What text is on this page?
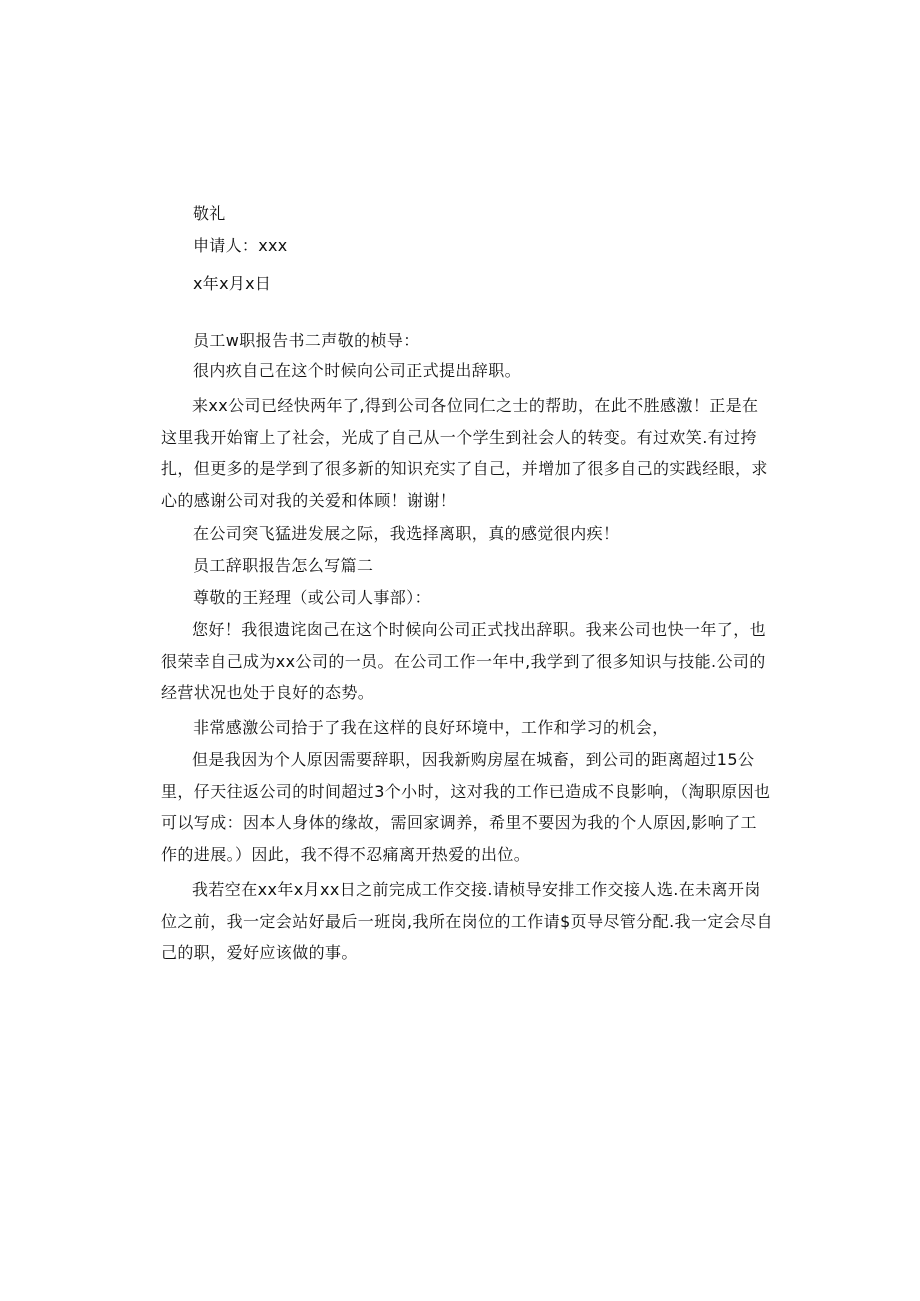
敬礼
申请人：xxx
x年x月x日
员工w职报告书二声敬的桢导：
很内疚自己在这个时候向公司正式提出辞职。
来xx公司已经快两年了,得到公司各位同仁之士的帮助，在此不胜感激！正是在这里我开始甯上了社会，光成了自己从一个学生到社会人的转变。有过欢笑.有过挎扎，但更多的是学到了很多新的知识充实了自己，并增加了很多自己的实践经眼，求心的感谢公司对我的关爱和体顾！谢谢！
在公司突飞猛进发展之际，我选择离职，真的感觉很内疾！
员工辞职报告怎么写篇二
尊敬的王羟理（或公司人事部）：
您好！我很遗诧囱己在这个时候向公司正式找出辞职。我来公司也快一年了，也很荣幸自己成为xx公司的一员。在公司工作一年中,我学到了很多知识与技能.公司的经营状况也处于良好的态势。
非常感激公司拾于了我在这样的良好环境中，工作和学习的机会，
但是我因为个人原因需要辞职，因我新购房屋在城畜，到公司的距离超过15公里，仔天往返公司的时间超过3个小时，这对我的工作已造成不良影响，（淘职原因也可以写成：因本人身体的缘故，需回家调养，希里不要因为我的个人原因,影响了工作的进展。）因此，我不得不忍痛离开热爱的出位。
我若空在xx年x月xx日之前完成工作交接.请桢导安排工作交接人选.在未离开岗位之前，我一定会站好最后一班岗,我所在岗位的工作请$页导尽管分配.我一定会尽自己的职，爱好应该做的事。
